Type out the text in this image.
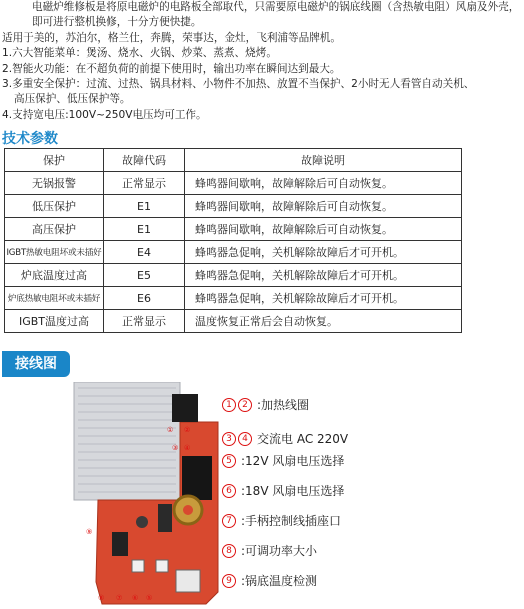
电磁炉维修板是将原电磁炉的电路板全部取代，只需要原电磁炉的锅底线圈（含热敏电阻）风扇及外壳，即可进行整机换修，十分方便快捷。

适用于美的，苏泊尔，格兰仕，奔腾，荣事达，金灶，飞利浦等品牌机。

1.六大智能菜单：煲汤、烧水、火锅、炒菜、蒸煮、烧烤。

2.智能火功能：在不超负荷的前提下使用时，输出功率在瞬间达到最大。

3.多重安全保护：过流、过热、锅具材料、小物件不加热、放置不当保护、2小时无人看管自动关机、

高压保护、低压保护等。

4.支持宽电压:100V~250V电压均可工作。

技术参数
保护	故障代码	故障说明
无锅报警	正常显示	蜂鸣器间歇响，故障解除后可自动恢复。
低压保护	E1	蜂鸣器间歇响，故障解除后可自动恢复。
高压保护	E1	蜂鸣器间歇响，故障解除后可自动恢复。
IGBT热敏电阻坏或未插好	E4	蜂鸣器急促响，关机解除故障后才可开机。
炉底温度过高	E5	蜂鸣器急促响，关机解除故障后才可开机。
炉底热敏电阻坏或未插好	E6	蜂鸣器急促响，关机解除故障后才可开机。
IGBT温度过高	正常显示	温度恢复正常后会自动恢复。
接线图
① ②
③ ④
⑨
⑧ ⑦ ⑥ ⑤
1 2 :加热线圈
3 4 交流电 AC 220V
5 :12V 风扇电压选择
6 :18V 风扇电压选择
7 :手柄控制线插座口
8 :可调功率大小
9 :锅底温度检测
